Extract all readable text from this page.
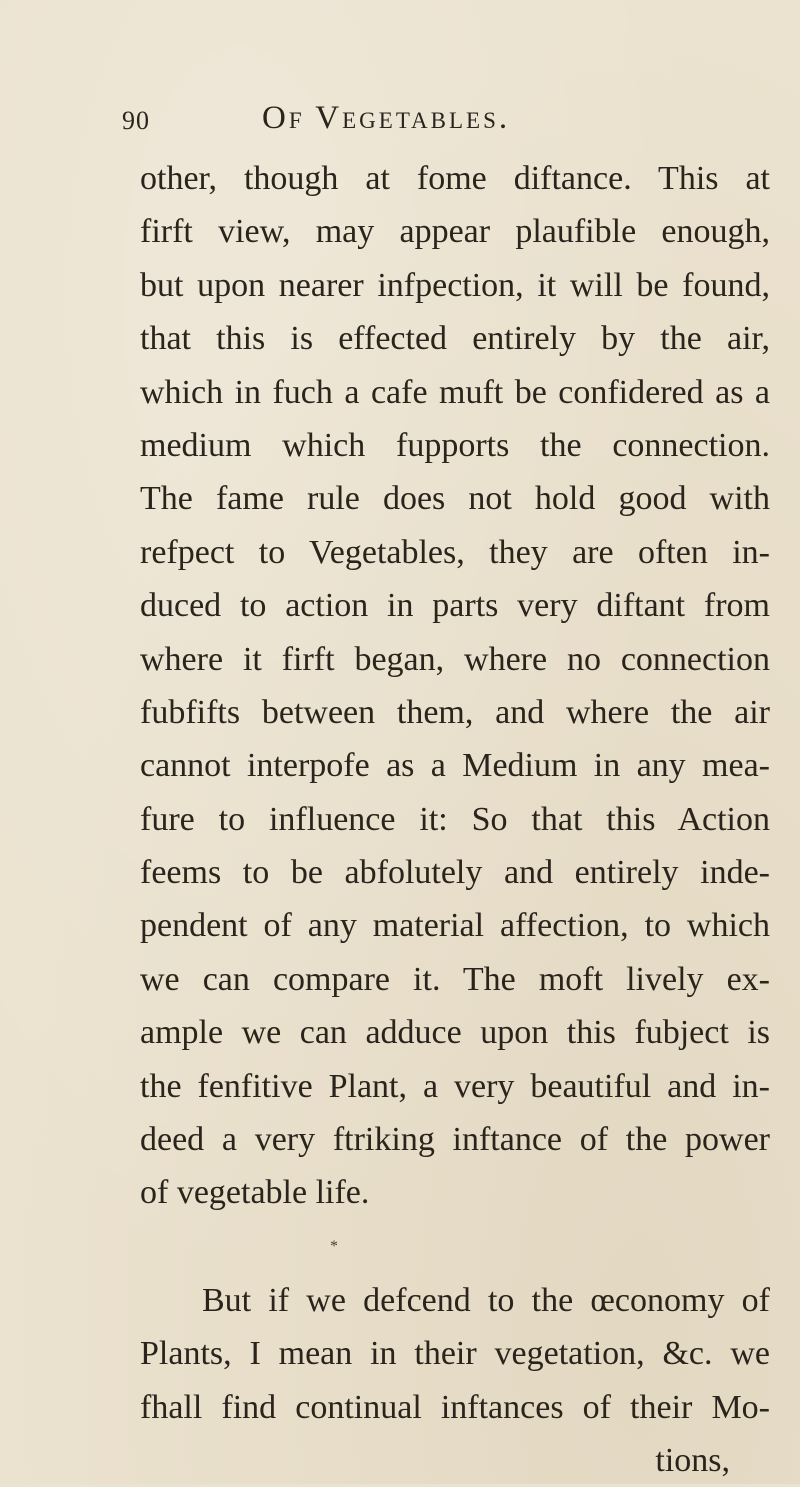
90	Of Vegetables.
other, though at fome diftance. This at
firft view, may appear plaufible enough,
but upon nearer infpection, it will be found,
that this is effected entirely by the air,
which in fuch a cafe muft be confidered as a
medium which fupports the connection.
The fame rule does not hold good with
refpect to Vegetables, they are often in-
duced to action in parts very diftant from
where it firft began, where no connection
fubfifts between them, and where the air
cannot interpofe as a Medium in any mea-
fure to influence it: So that this Action
feems to be abfolutely and entirely inde-
pendent of any material affection, to which
we can compare it. The moft lively ex-
ample we can adduce upon this fubject is
the fenfitive Plant, a very beautiful and in-
deed a very ftriking inftance of the power
of vegetable life.
*
But if we defcend to the œconomy of
Plants, I mean in their vegetation, &c. we
fhall find continual inftances of their Mo-
tions,
